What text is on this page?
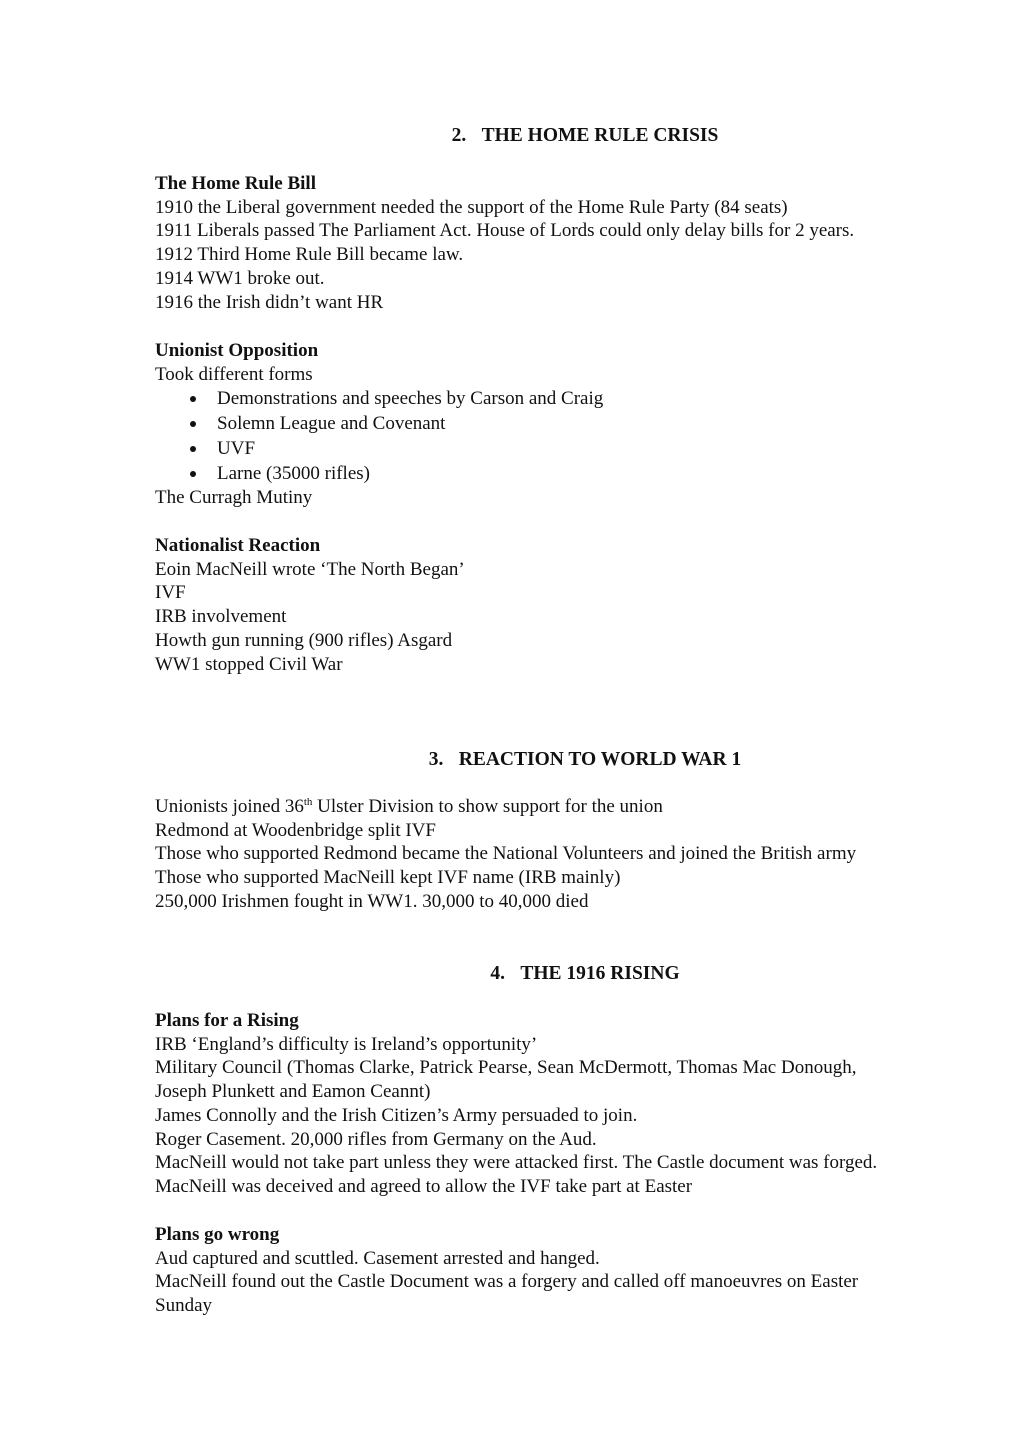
2. THE HOME RULE CRISIS
The Home Rule Bill
1910 the Liberal government needed the support of the Home Rule Party (84 seats)
1911 Liberals passed The Parliament Act. House of Lords could only delay bills for 2 years.
1912 Third Home Rule Bill became law.
1914 WW1 broke out.
1916 the Irish didn’t want HR
Unionist Opposition
Took different forms
Demonstrations and speeches by Carson and Craig
Solemn League and Covenant
UVF
Larne (35000 rifles)
The Curragh Mutiny
Nationalist Reaction
Eoin MacNeill wrote ‘The North Began’
IVF
IRB involvement
Howth gun running (900 rifles) Asgard
WW1 stopped Civil War
3. REACTION TO WORLD WAR 1
Unionists joined 36th Ulster Division to show support for the union
Redmond at Woodenbridge split IVF
Those who supported Redmond became the National Volunteers and joined the British army
Those who supported MacNeill kept IVF name (IRB mainly)
250,000 Irishmen fought in WW1. 30,000 to 40,000 died
4. THE 1916 RISING
Plans for a Rising
IRB ‘England’s difficulty is Ireland’s opportunity’
Military Council (Thomas Clarke, Patrick Pearse, Sean McDermott, Thomas Mac Donough,
Joseph Plunkett and Eamon Ceannt)
James Connolly and the Irish Citizen’s Army persuaded to join.
Roger Casement. 20,000 rifles from Germany on the Aud.
MacNeill would not take part unless they were attacked first. The Castle document was forged.
MacNeill was deceived and agreed to allow the IVF take part at Easter
Plans go wrong
Aud captured and scuttled. Casement arrested and hanged.
MacNeill found out the Castle Document was a forgery and called off manoeuvres on Easter
Sunday
